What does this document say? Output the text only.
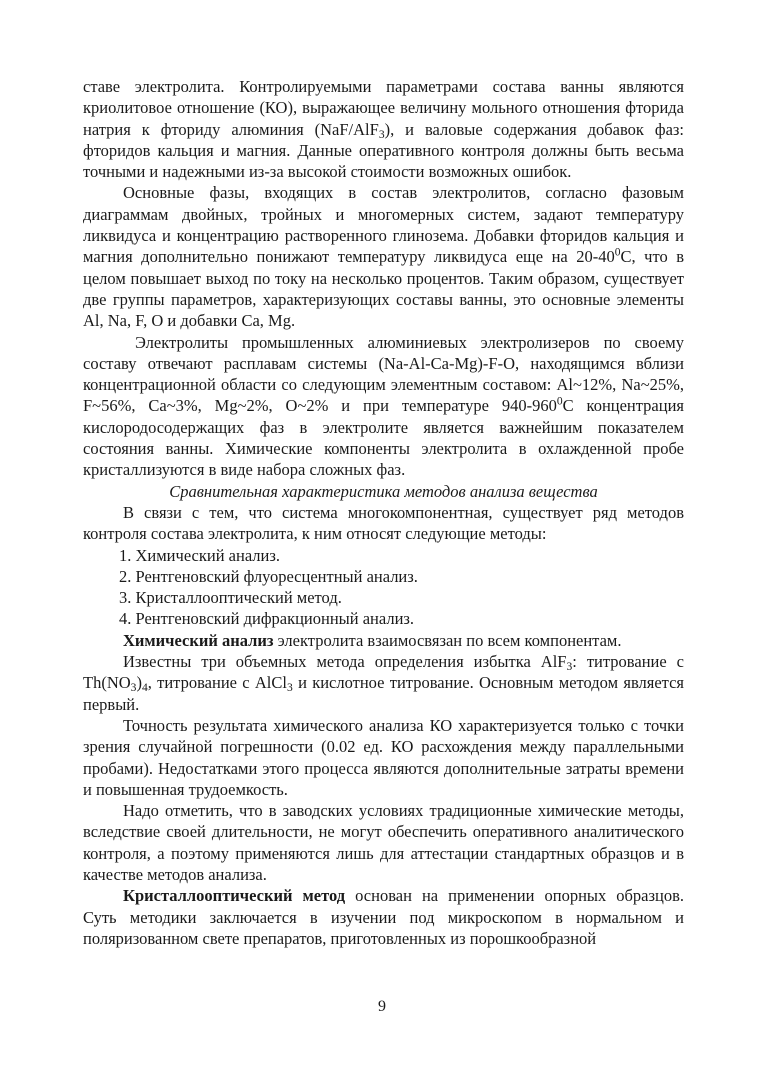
ставе электролита. Контролируемыми параметрами состава ванны являются криолитовое отношение (КО), выражающее величину мольного отношения фторида натрия к фториду алюминия (NaF/AlF$_3$), и валовые содержания добавок фаз: фторидов кальция и магния. Данные оперативного контроля должны быть весьма точными и надежными из-за высокой стоимости возможных ошибок.

Основные фазы, входящих в состав электролитов, согласно фазовым диаграммам двойных, тройных и многомерных систем, задают температуру ликвидуса и концентрацию растворенного глинозема. Добавки фторидов кальция и магния дополнительно понижают температуру ликвидуса еще на $20-40^0С$, что в целом повышает выход по току на несколько процентов. Таким образом, существует две группы параметров, характеризующих составы ванны, это основные элементы Al, Na, F, O и добавки Ca, Mg.

Электролиты промышленных алюминиевых электролизеров по своему составу отвечают расплавам системы (Na-Al-Ca-Mg)-F-O, находящимся вблизи концентрационной области со следующим элементным составом: Al~12%, Na~25%, F~56%, Ca~3%, Mg~2%, O~2% и при температуре $940-960^0С$ концентрация кислородосодержащих фаз в электролите является важнейшим показателем состояния ванны. Химические компоненты электролита в охлажденной пробе кристаллизуются в виде набора сложных фаз.

Сравнительная характеристика методов анализа вещества

В связи с тем, что система многокомпонентная, существует ряд методов контроля состава электролита, к ним относят следующие методы:

1. Химический анализ.

2. Рентгеновский флуоресцентный анализ.

3. Кристаллооптический метод.

4. Рентгеновский дифракционный анализ.

Химический анализ электролита взаимосвязан по всем компонентам.

Известны три объемных метода определения избытка AlF$_3$: титрование с $Th(NO_3)_4$, титрование с AlCl$_3$ и кислотное титрование. Основным методом является первый.

Точность результата химического анализа КО характеризуется только с точки зрения случайной погрешности (0.02 ед. КО расхождения между параллельными пробами). Недостатками этого процесса являются дополнительные затраты времени и повышенная трудоемкость.

Надо отметить, что в заводских условиях традиционные химические методы, вследствие своей длительности, не могут обеспечить оперативного аналитического контроля, а поэтому применяются лишь для аттестации стандартных образцов и в качестве методов анализа.

Кристаллооптический метод основан на применении опорных образцов. Суть методики заключается в изучении под микроскопом в нормальном и поляризованном свете препаратов, приготовленных из порошкообразной

9
